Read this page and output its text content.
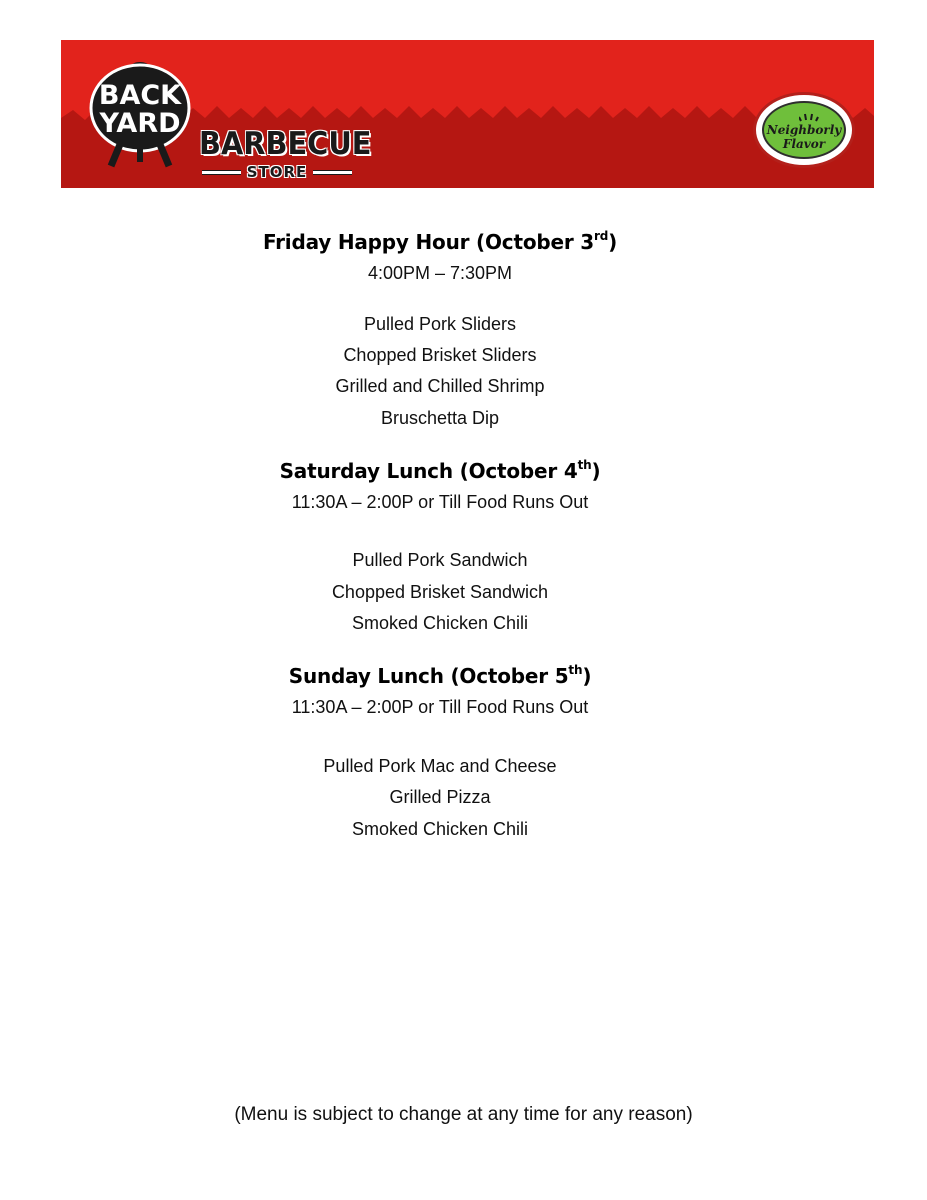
BACK
YARD
BARBECUE
STORE
Neighborly
Flavor
Friday Happy Hour (October 3rd)
4:00PM – 7:30PM
Pulled Pork Sliders
Chopped Brisket Sliders
Grilled and Chilled Shrimp
Bruschetta Dip
Saturday Lunch (October 4th)
11:30A – 2:00P or Till Food Runs Out
Pulled Pork Sandwich
Chopped Brisket Sandwich
Smoked Chicken Chili
Sunday Lunch (October 5th)
11:30A – 2:00P or Till Food Runs Out
Pulled Pork Mac and Cheese
Grilled Pizza
Smoked Chicken Chili
(Menu is subject to change at any time for any reason)
